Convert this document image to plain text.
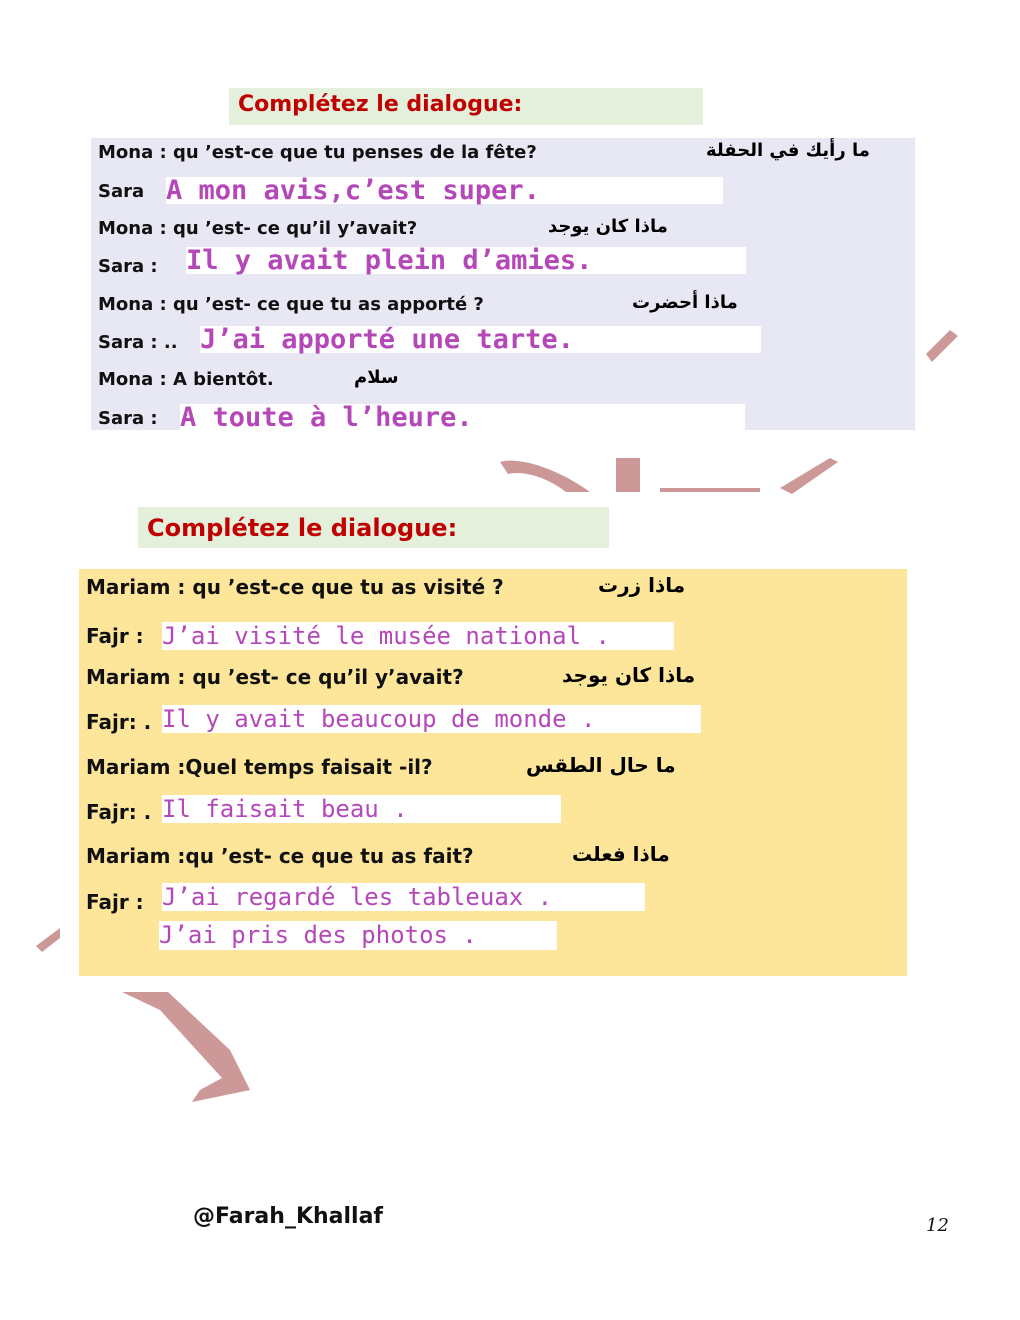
Complétez le dialogue:
Mona : qu ’est-ce que tu penses de la fête?	ما رأيك في الحفلة
Sara A mon avis,c’est super.
Mona : qu ’est- ce qu’il y’avait?	ماذا كان يوجد
Sara : Il y avait plein d’amies.
Mona : qu ’est- ce que tu as apporté ?	ماذا أحضرت
Sara : .. J’ai apporté une tarte.
Mona : A bientôt.	سلام
Sara : A toute à l’heure.
Complétez le dialogue:
Mariam : qu ’est-ce que tu as visité ?	ماذا زرت
Fajr : J’ai visité le musée national .
Mariam : qu ’est- ce qu’il y’avait?	ماذا كان يوجد
Fajr: . Il y avait beaucoup de monde .
Mariam :Quel temps faisait -il?	ما حال الطقس
Fajr: . Il faisait beau .
Mariam :qu ’est- ce que tu as fait?	ماذا فعلت
Fajr : J’ai regardé les tableuax .
J’ai pris des photos .
@Farah_Khallaf	12
